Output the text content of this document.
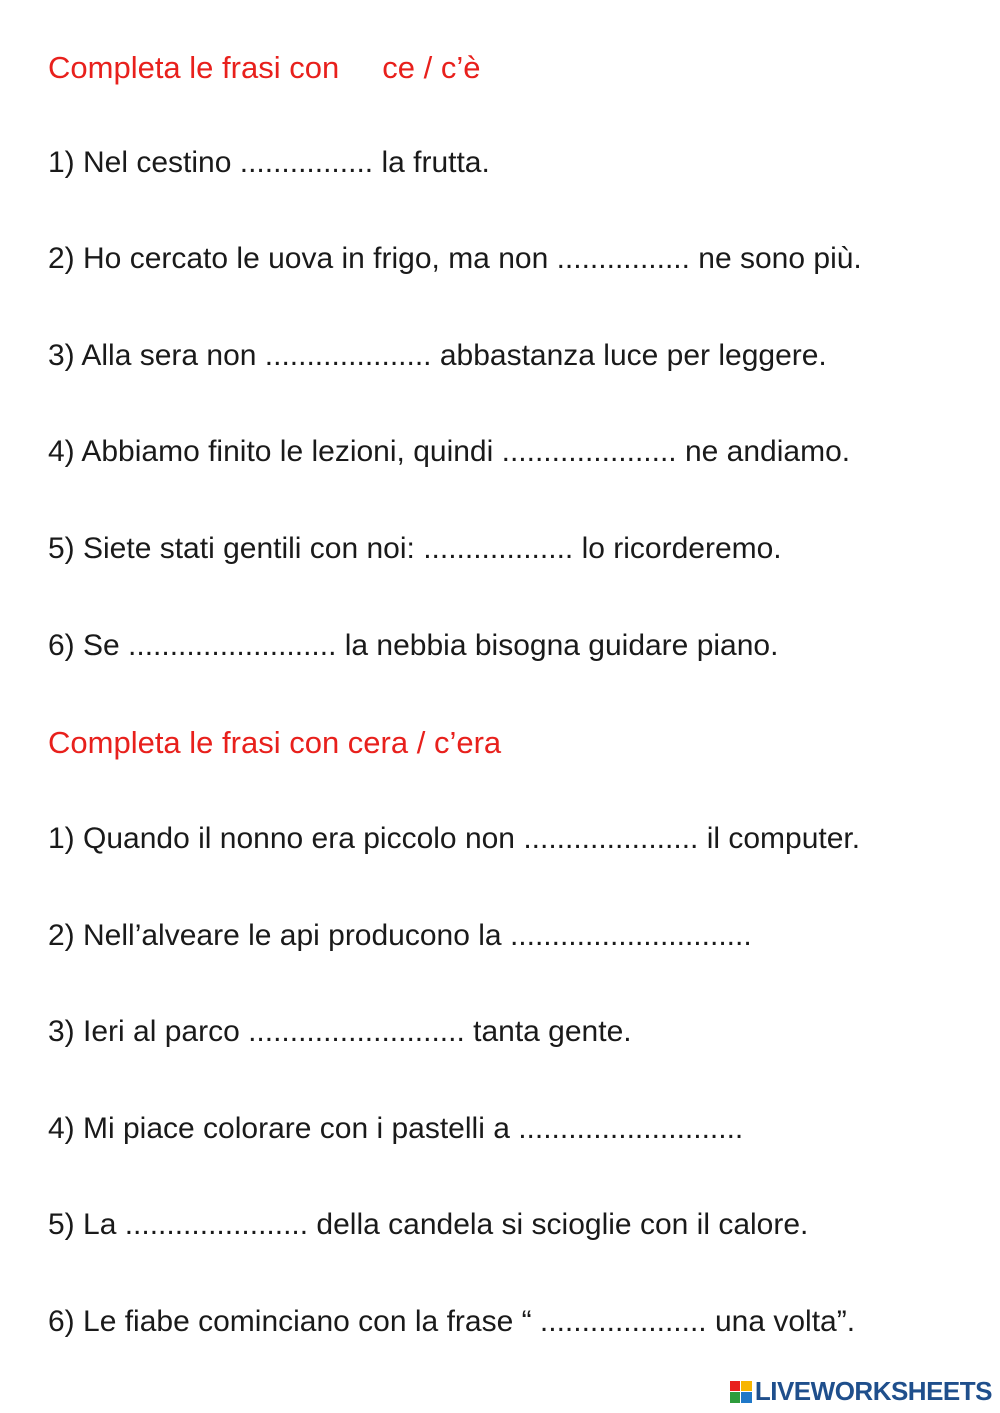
Completa le frasi con     ce / c’è
1) Nel cestino ................ la frutta.
2) Ho cercato le uova in frigo, ma non ................ ne sono più.
3) Alla sera non .................... abbastanza luce per leggere.
4) Abbiamo finito le lezioni, quindi ..................... ne andiamo.
5) Siete stati gentili con noi: .................. lo ricorderemo.
6) Se ......................... la nebbia bisogna guidare piano.
Completa le frasi con cera / c’era
1) Quando il nonno era piccolo non ..................... il computer.
2) Nell’alveare le api producono la .............................
3) Ieri al parco .......................... tanta gente.
4) Mi piace colorare con i pastelli a ...........................
5) La ...................... della candela si scioglie con il calore.
6) Le fiabe cominciano con la frase “ .................... una volta”.
LIVEWORKSHEETS
